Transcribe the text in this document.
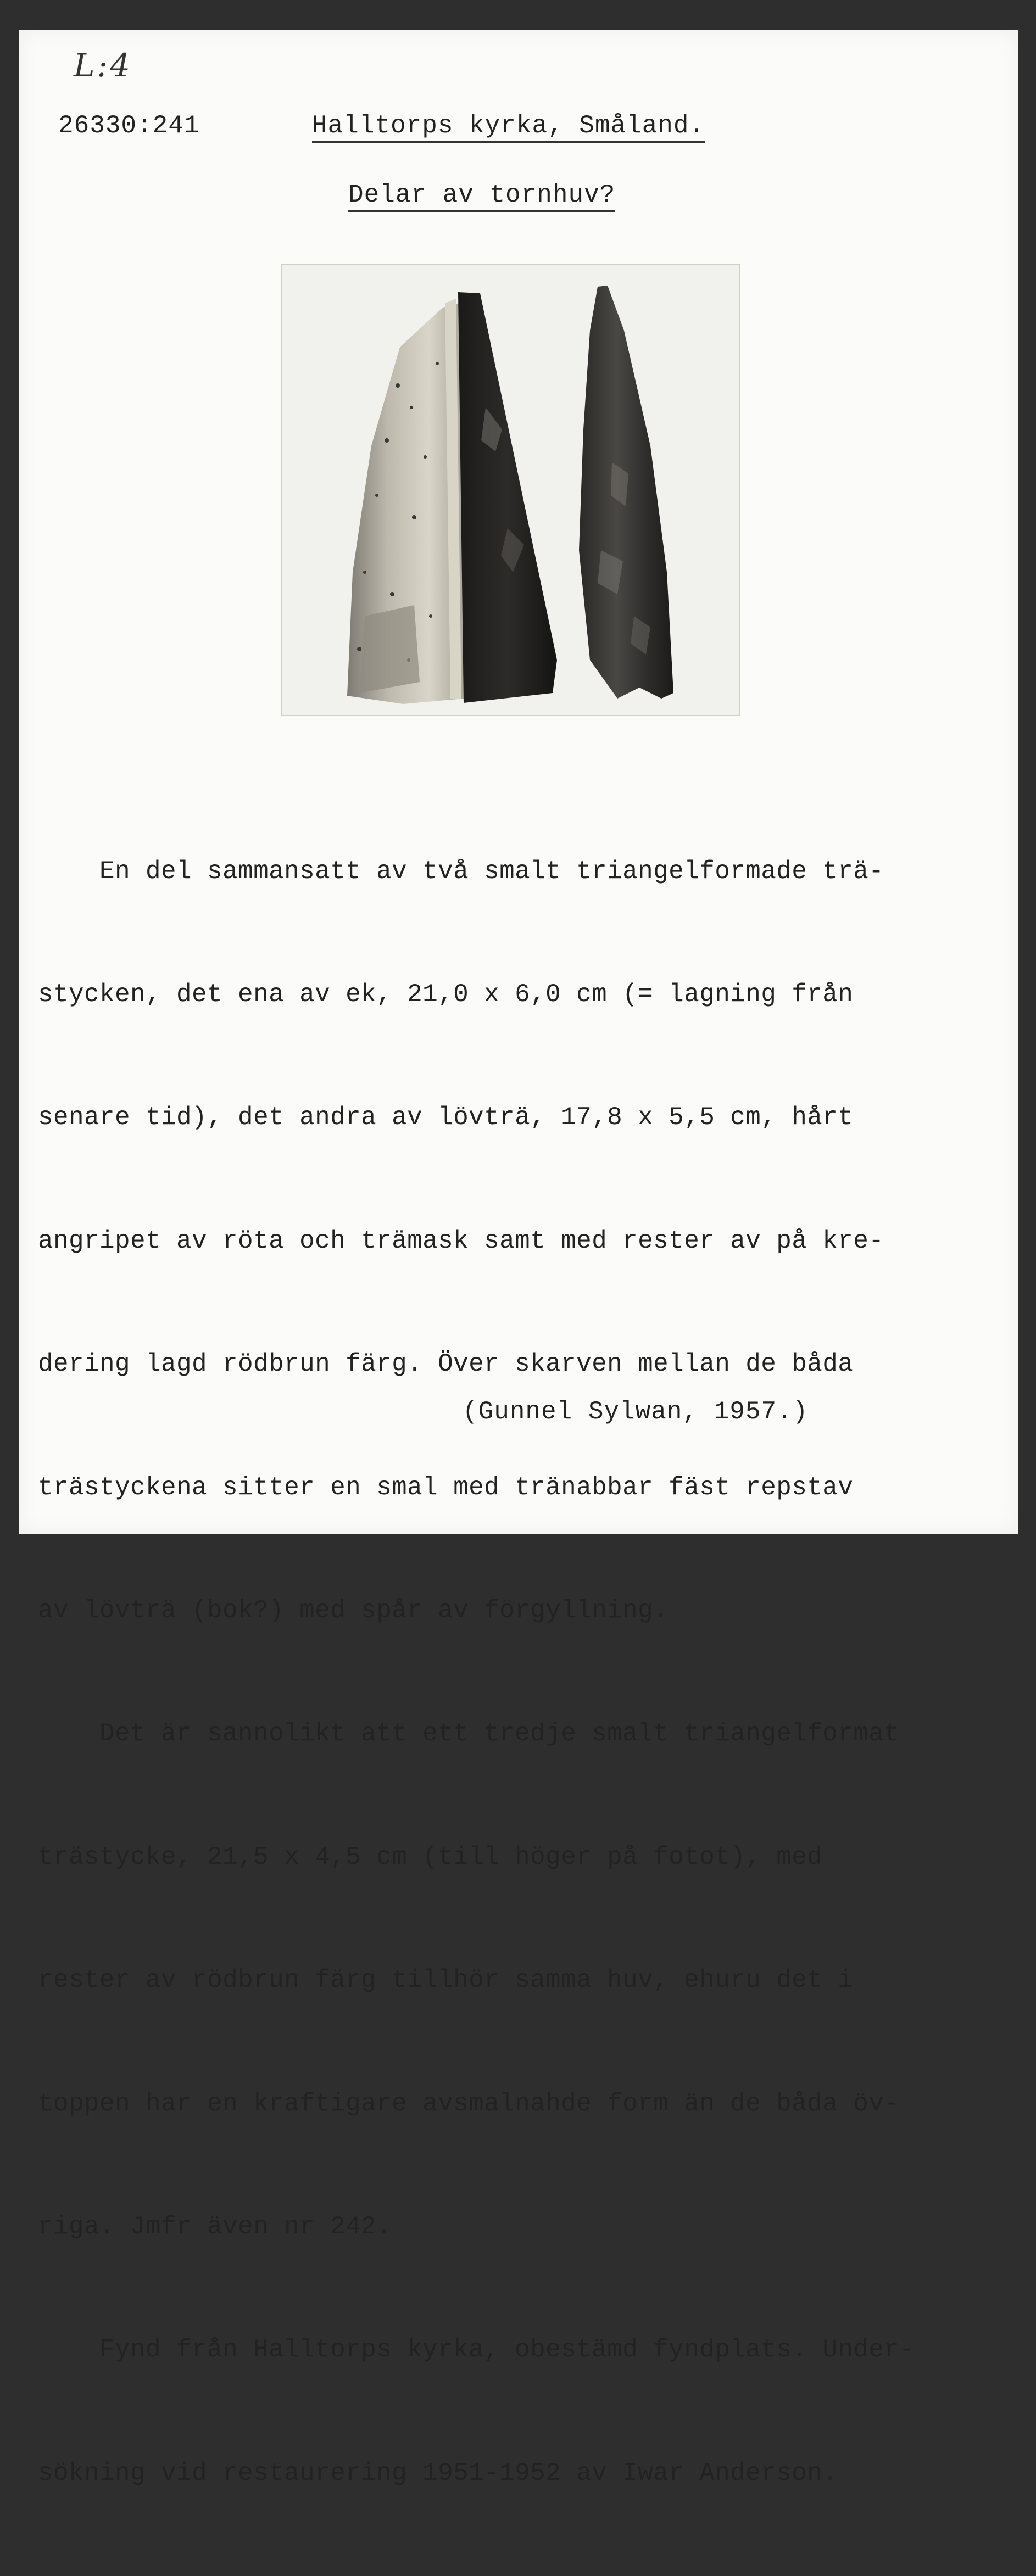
L:4
26330:241	Halltorps kyrka, Småland.
Delar av tornhuv?

En del sammansatt av två smalt triangelformade trä-

stycken, det ena av ek, 21,0 x 6,0 cm (= lagning från

senare tid), det andra av lövträ, 17,8 x 5,5 cm, hårt

angripet av röta och trämask samt med rester av på kre-

dering lagd rödbrun färg. Över skarven mellan de båda

trästyckena sitter en smal med tränabbar fäst repstav

av lövträ (bok?) med spår av förgyllning.

Det är sannolikt att ett tredje smalt triangelformat

trästycke, 21,5 x 4,5 cm (till höger på fotot), med

rester av rödbrun färg tillhör samma huv, ehuru det i

toppen har en kraftigare avsmalnahde form än de båda öv-

riga. Jmfr även nr 242.

Fynd från Halltorps kyrka, obestämd fyndplats. Under-

sökning vid restaurering 1951-1952 av Iwar Anderson.

(Gunnel Sylwan, 1957.)
